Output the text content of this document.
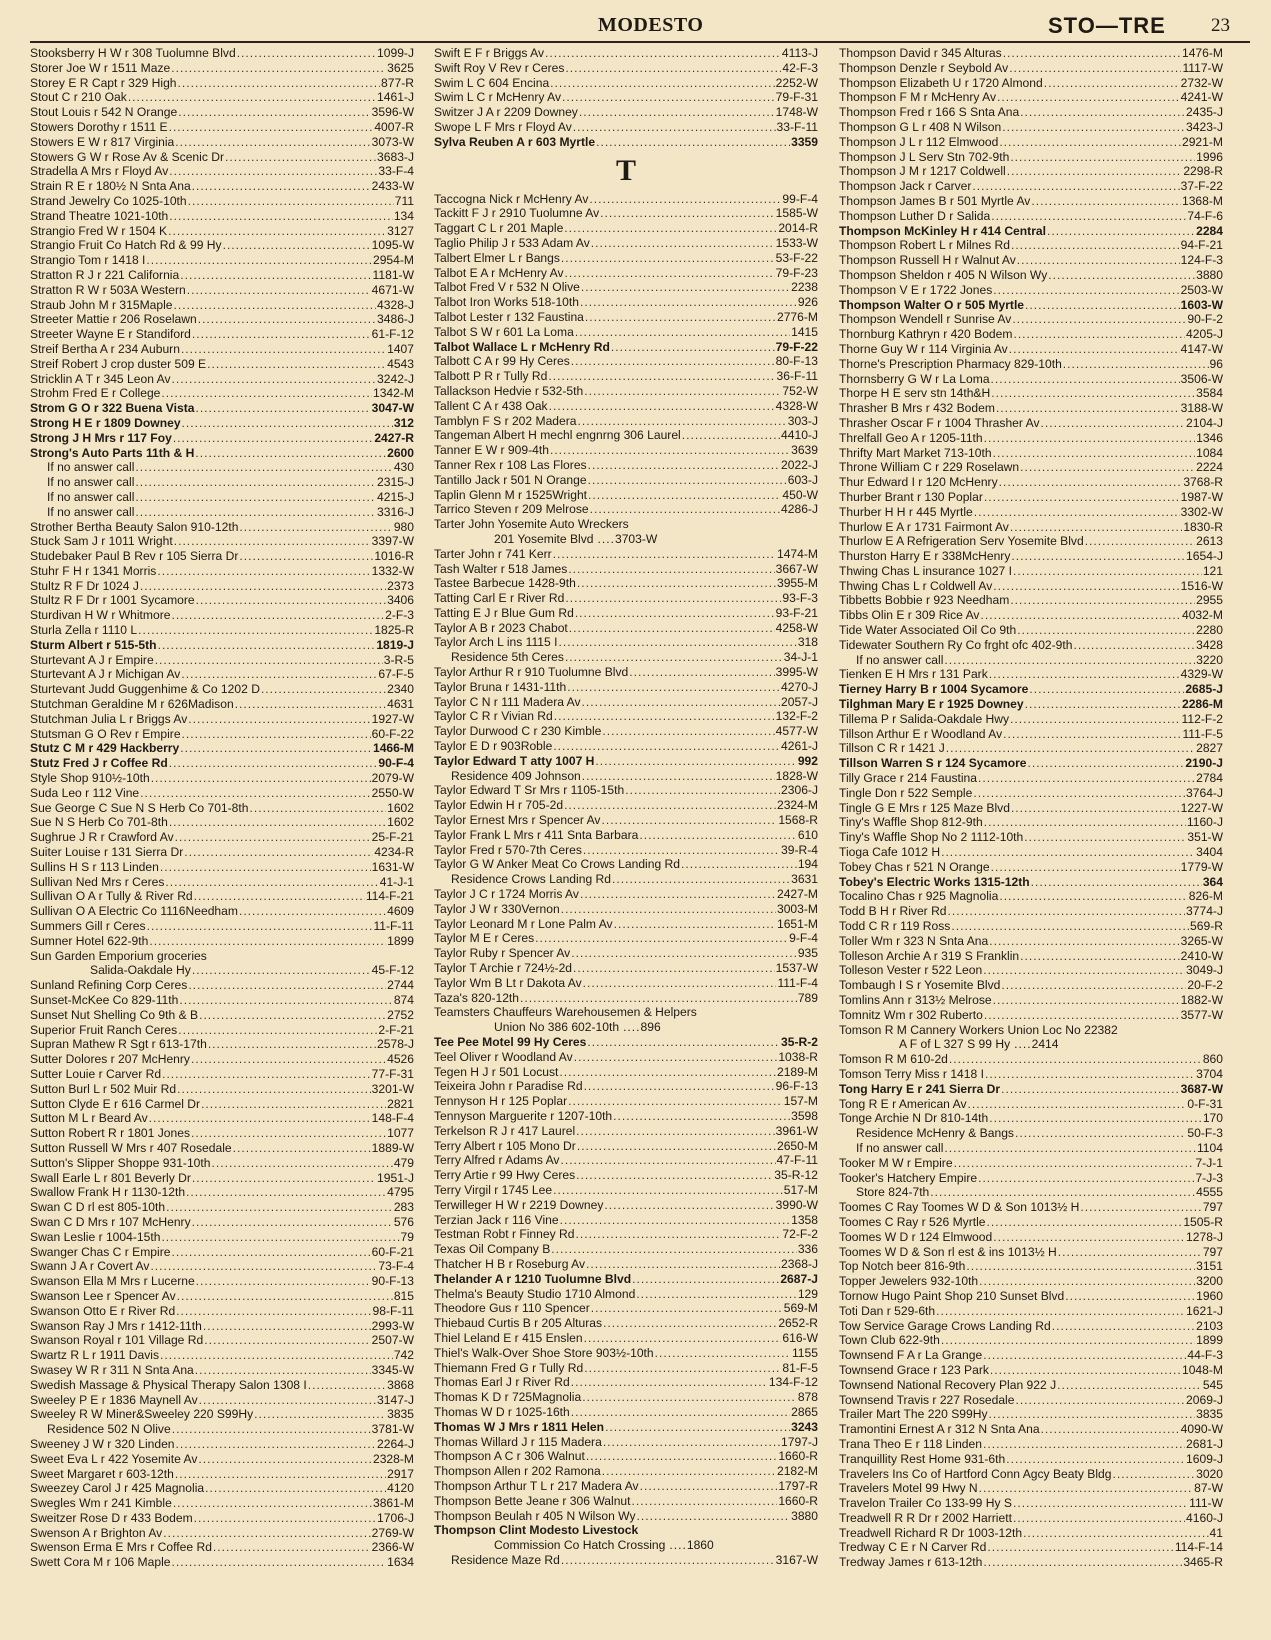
MODESTO	STO—TRE 23
Stooksberry H W r 308 Tuolumne Blvd .....	1099-J
Storer Joe W r 1511 Maze .....	3625
Storey E R Capt r 329 High .....	877-R
Stout C r 210 Oak .....	1461-J
Stout Louis r 542 N Orange .....	3596-W
Stowers Dorothy r 1511 E .....	4007-R
Stowers E W r 817 Virginia .....	3073-W
Stowers G W r Rose Av & Scenic Dr .....	3683-J
Stradella A Mrs r Floyd Av .....	33-F-4
Strain R E r 180½ N Snta Ana .....	2433-W
Strand Jewelry Co 1025-10th .....	711
Strand Theatre 1021-10th .....	134
Strangio Fred W r 1504 K .....	3127
Strangio Fruit Co Hatch Rd & 99 Hy .....	1095-W
Strangio Tom r 1418 I .....	2954-M
Stratton R J r 221 California .....	1181-W
Stratton R W r 503A Western .....	4671-W
Straub John M r 315Maple .....	4328-J
Streeter Mattie r 206 Roselawn .....	3486-J
Streeter Wayne E r Standiford .....	61-F-12
Streif Bertha A r 234 Auburn .....	1407
Streif Robert J crop duster 509 E .....	4543
Stricklin A T r 345 Leon Av .....	3242-J
Strohm Fred E r College .....	1342-M
Strom G O r 322 Buena Vista .....	3047-W
Strong H E r 1809 Downey .....	312
Strong J H Mrs r 117 Foy .....	2427-R
Strong's Auto Parts 11th & H .....	2600
If no answer call .....	430
If no answer call .....	2315-J
If no answer call .....	4215-J
If no answer call .....	3316-J
Strother Bertha Beauty Salon 910-12th .....	980
Stuck Sam J r 1011 Wright .....	3397-W
Studebaker Paul B Rev r 105 Sierra Dr .....	1016-R
Stuhr F H r 1341 Morris .....	1332-W
Stultz R F Dr 1024 J .....	2373
Stultz R F Dr r 1001 Sycamore .....	3406
Sturdivan H W r Whitmore .....	2-F-3
Sturla Zella r 1110 L .....	1825-R
Sturm Albert r 515-5th .....	1819-J
Sturtevant A J r Empire .....	3-R-5
Sturtevant A J r Michigan Av .....	67-F-5
Sturtevant Judd Guggenhime & Co 1202 D .....	2340
Stutchman Geraldine M r 626Madison .....	4631
Stutchman Julia L r Briggs Av .....	1927-W
Stutsman G O Rev r Empire .....	60-F-22
Stutz C M r 429 Hackberry .....	1466-M
Stutz Fred J r Coffee Rd .....	90-F-4
Style Shop 910½-10th .....	2079-W
Suda Leo r 112 Vine .....	2550-W
Sue George C Sue N S Herb Co 701-8th .....	1602
Sue N S Herb Co 701-8th .....	1602
Sughrue J R r Crawford Av .....	25-F-21
Suiter Louise r 131 Sierra Dr .....	4234-R
Sullins H S r 113 Linden .....	1631-W
Sullivan Ned Mrs r Ceres .....	41-J-1
Sullivan O A r Tully & River Rd .....	114-F-21
Sullivan O A Electric Co 1116Needham .....	4609
Summers Gill r Ceres .....	11-F-11
Sumner Hotel 622-9th .....	1899
Sun Garden Emporium groceries
Salida-Oakdale Hy .....	45-F-12
Sunland Refining Corp Ceres .....	2744
Sunset-McKee Co 829-11th .....	874
Sunset Nut Shelling Co 9th & B .....	2752
Superior Fruit Ranch Ceres .....	2-F-21
Supran Mathew R Sgt r 613-17th .....	2578-J
Sutter Dolores r 207 McHenry .....	4526
Sutter Louie r Carver Rd .....	77-F-31
Sutton Burl L r 502 Muir Rd .....	3201-W
Sutton Clyde E r 616 Carmel Dr .....	2821
Sutton M L r Beard Av .....	148-F-4
Sutton Robert R r 1801 Jones .....	1077
Sutton Russell W Mrs r 407 Rosedale .....	1889-W
Sutton's Slipper Shoppe 931-10th .....	479
Swall Earle L r 801 Beverly Dr .....	1951-J
Swallow Frank H r 1130-12th .....	4795
Swan C D rl est 805-10th .....	283
Swan C D Mrs r 107 McHenry .....	576
Swan Leslie r 1004-15th .....	79
Swanger Chas C r Empire .....	60-F-21
Swann J A r Covert Av .....	73-F-4
Swanson Ella M Mrs r Lucerne .....	90-F-13
Swanson Lee r Spencer Av .....	815
Swanson Otto E r River Rd .....	98-F-11
Swanson Ray J Mrs r 1412-11th .....	2993-W
Swanson Royal r 101 Village Rd .....	2507-W
Swartz R L r 1911 Davis .....	742
Swasey W R r 311 N Snta Ana .....	3345-W
Swedish Massage & Physical Therapy Salon 1308 I .....	3868
Sweeley P E r 1836 Maynell Av .....	3147-J
Sweeley R W Miner&Sweeley 220 S99Hy .....	3835
Residence 502 N Olive .....	3781-W
Sweeney J W r 320 Linden .....	2264-J
Sweet Eva L r 422 Yosemite Av .....	2328-M
Sweet Margaret r 603-12th .....	2917
Sweezey Carol J r 425 Magnolia .....	4120
Swegles Wm r 241 Kimble .....	3861-M
Sweitzer Rose D r 433 Bodem .....	1706-J
Swenson A r Brighton Av .....	2769-W
Swenson Erma E Mrs r Coffee Rd .....	2366-W
Swett Cora M r 106 Maple .....	1634
Swift E F r Briggs Av .....	4113-J
Swift Roy V Rev r Ceres .....	42-F-3
Swim L C 604 Encina .....	2252-W
Swim L C r McHenry Av .....	79-F-31
Switzer J A r 2209 Downey .....	1748-W
Swope L F Mrs r Floyd Av .....	33-F-11
Sylva Reuben A r 603 Myrtle .....	3359
T
Taccogna Nick r McHenry Av .....	99-F-4
Tackitt F J r 2910 Tuolumne Av .....	1585-W
Taggart C L r 201 Maple .....	2014-R
Taglio Philip J r 533 Adam Av .....	1533-W
Talbert Elmer L r Bangs .....	53-F-22
Talbot E A r McHenry Av .....	79-F-23
Talbot Fred V r 532 N Olive .....	2238
Talbot Iron Works 518-10th .....	926
Talbot Lester r 132 Faustina .....	2776-M
Talbot S W r 601 La Loma .....	1415
Talbot Wallace L r McHenry Rd .....	79-F-22
Talbott C A r 99 Hy Ceres .....	80-F-13
Talbott P R r Tully Rd .....	36-F-11
Tallackson Hedvie r 532-5th .....	752-W
Tallent C A r 438 Oak .....	4328-W
Tamblyn F S r 202 Madera .....	303-J
Tangeman Albert H mechl engnrng 306 Laurel .....	4410-J
Tanner E W r 909-4th .....	3639
Tanner Rex r 108 Las Flores .....	2022-J
Tantillo Jack r 501 N Orange .....	603-J
Taplin Glenn M r 1525Wright .....	450-W
Tarrico Steven r 209 Melrose .....	4286-J
Tarter John Yosemite Auto Wreckers
201 Yosemite Blvd .... 3703-W
Tarter John r 741 Kerr .....	1474-M
Tash Walter r 518 James .....	3667-W
Tastee Barbecue 1428-9th .....	3955-M
Tatting Carl E r River Rd .....	93-F-3
Tatting E J r Blue Gum Rd .....	93-F-21
Taylor A B r 2023 Chabot .....	4258-W
Taylor Arch L ins 1115 I .....	318
Residence 5th Ceres .....	34-J-1
Taylor Arthur R r 910 Tuolumne Blvd .....	3995-W
Taylor Bruna r 1431-11th .....	4270-J
Taylor C N r 111 Madera Av .....	2057-J
Taylor C R r Vivian Rd .....	132-F-2
Taylor Durwood C r 230 Kimble .....	4577-W
Taylor E D r 903Roble .....	4261-J
Taylor Edward T atty 1007 H .....	992
Residence 409 Johnson .....	1828-W
Taylor Edward T Sr Mrs r 1105-15th .....	2306-J
Taylor Edwin H r 705-2d .....	2324-M
Taylor Ernest Mrs r Spencer Av .....	1568-R
Taylor Frank L Mrs r 411 Snta Barbara .....	610
Taylor Fred r 570-7th Ceres .....	39-R-4
Taylor G W Anker Meat Co Crows Landing Rd .....	194
Residence Crows Landing Rd .....	3631
Taylor J C r 1724 Morris Av .....	2427-M
Taylor J W r 330Vernon .....	3003-M
Taylor Leonard M r Lone Palm Av .....	1651-M
Taylor M E r Ceres .....	9-F-4
Taylor Ruby r Spencer Av .....	935
Taylor T Archie r 724½-2d .....	1537-W
Taylor Wm B Lt r Dakota Av .....	111-F-4
Taza's 820-12th .....	789
Teamsters Chauffeurs Warehousemen & Helpers
Union No 386 602-10th .... 896
Tee Pee Motel 99 Hy Ceres .....	35-R-2
Teel Oliver r Woodland Av .....	1038-R
Tegen H J r 501 Locust .....	2189-M
Teixeira John r Paradise Rd .....	96-F-13
Tennyson H r 125 Poplar .....	157-M
Tennyson Marguerite r 1207-10th .....	3598
Terkelson R J r 417 Laurel .....	3961-W
Terry Albert r 105 Mono Dr .....	2650-M
Terry Alfred r Adams Av .....	47-F-11
Terry Artie r 99 Hwy Ceres .....	35-R-12
Terry Virgil r 1745 Lee .....	517-M
Terwilleger H W r 2219 Downey .....	3990-W
Terzian Jack r 116 Vine .....	1358
Testman Robt r Finney Rd .....	72-F-2
Texas Oil Company B .....	336
Thatcher H B r Roseburg Av .....	2368-J
Thelander A r 1210 Tuolumne Blvd .....	2687-J
Thelma's Beauty Studio 1710 Almond .....	129
Theodore Gus r 110 Spencer .....	569-M
Thiebaud Curtis B r 205 Alturas .....	2652-R
Thiel Leland E r 415 Enslen .....	616-W
Thiel's Walk-Over Shoe Store 903½-10th .....	1155
Thiemann Fred G r Tully Rd .....	81-F-5
Thomas Earl J r River Rd .....	134-F-12
Thomas K D r 725Magnolia .....	878
Thomas W D r 1025-16th .....	2865
Thomas W J Mrs r 1811 Helen .....	3243
Thomas Willard J r 115 Madera .....	1797-J
Thompson A C r 306 Walnut .....	1660-R
Thompson Allen r 202 Ramona .....	2182-M
Thompson Arthur T L r 217 Madera Av .....	1797-R
Thompson Bette Jeane r 306 Walnut .....	1660-R
Thompson Beulah r 405 N Wilson Wy .....	3880
Thompson Clint Modesto Livestock
Commission Co Hatch Crossing .... 1860
Residence Maze Rd .....	3167-W
Thompson David r 345 Alturas .....	1476-M
Thompson Denzle r Seybold Av .....	1117-W
Thompson Elizabeth U r 1720 Almond .....	2732-W
Thompson F M r McHenry Av .....	4241-W
Thompson Fred r 166 S Snta Ana .....	2435-J
Thompson G L r 408 N Wilson .....	3423-J
Thompson J L r 112 Elmwood .....	2921-M
Thompson J L Serv Stn 702-9th .....	1996
Thompson J M r 1217 Coldwell .....	2298-R
Thompson Jack r Carver .....	37-F-22
Thompson James B r 501 Myrtle Av .....	1368-M
Thompson Luther D r Salida .....	74-F-6
Thompson McKinley H r 414 Central .....	2284
Thompson Robert L r Milnes Rd .....	94-F-21
Thompson Russell H r Walnut Av .....	124-F-3
Thompson Sheldon r 405 N Wilson Wy .....	3880
Thompson V E r 1722 Jones .....	2503-W
Thompson Walter O r 505 Myrtle .....	1603-W
Thompson Wendell r Sunrise Av .....	90-F-2
Thornburg Kathryn r 420 Bodem .....	4205-J
Thorne Guy W r 114 Virginia Av .....	4147-W
Thorne's Prescription Pharmacy 829-10th .....	96
Thornsberry G W r La Loma .....	3506-W
Thorpe H E serv stn 14th&H .....	3584
Thrasher B Mrs r 432 Bodem .....	3188-W
Thrasher Oscar F r 1004 Thrasher Av .....	2104-J
Threlfall Geo A r 1205-11th .....	1346
Thrifty Mart Market 713-10th .....	1084
Throne William C r 229 Roselawn .....	2224
Thur Edward I r 120 McHenry .....	3768-R
Thurber Brant r 130 Poplar .....	1987-W
Thurber H H r 445 Myrtle .....	3302-W
Thurlow E A r 1731 Fairmont Av .....	1830-R
Thurlow E A Refrigeration Serv Yosemite Blvd .....	2613
Thurston Harry E r 338McHenry .....	1654-J
Thwing Chas L insurance 1027 I .....	121
Thwing Chas L r Coldwell Av .....	1516-W
Tibbetts Bobbie r 923 Needham .....	2955
Tibbs Olin E r 309 Rice Av .....	4032-M
Tide Water Associated Oil Co 9th .....	2280
Tidewater Southern Ry Co frght ofc 402-9th .....	3428
If no answer call .....	3220
Tienken E H Mrs r 131 Park .....	4329-W
Tierney Harry B r 1004 Sycamore .....	2685-J
Tilghman Mary E r 1925 Downey .....	2286-M
Tillema P r Salida-Oakdale Hwy .....	112-F-2
Tillson Arthur E r Woodland Av .....	111-F-5
Tillson C R r 1421 J .....	2827
Tillson Warren S r 124 Sycamore .....	2190-J
Tilly Grace r 214 Faustina .....	2784
Tingle Don r 522 Semple .....	3764-J
Tingle G E Mrs r 125 Maze Blvd .....	1227-W
Tiny's Waffle Shop 812-9th .....	1160-J
Tiny's Waffle Shop No 2 1112-10th .....	351-W
Tioga Cafe 1012 H .....	3404
Tobey Chas r 521 N Orange .....	1779-W
Tobey's Electric Works 1315-12th .....	364
Tocalino Chas r 925 Magnolia .....	826-M
Todd B H r River Rd .....	3774-J
Todd C R r 119 Ross .....	569-R
Toller Wm r 323 N Snta Ana .....	3265-W
Tolleson Archie A r 319 S Franklin .....	2410-W
Tolleson Vester r 522 Leon .....	3049-J
Tombaugh I S r Yosemite Blvd .....	20-F-2
Tomlins Ann r 313½ Melrose .....	1882-W
Tomnitz Wm r 302 Ruberto .....	3577-W
Tomson R M Cannery Workers Union Loc No 22382
A F of L 327 S 99 Hy .... 2414
Tomson R M 610-2d .....	860
Tomson Terry Miss r 1418 I .....	3704
Tong Harry E r 241 Sierra Dr .....	3687-W
Tong R E r American Av .....	0-F-31
Tonge Archie N Dr 810-14th .....	170
Residence McHenry & Bangs .....	50-F-3
If no answer call .....	1104
Tooker M W r Empire .....	7-J-1
Tooker's Hatchery Empire .....	7-J-3
Store 824-7th .....	4555
Toomes C Ray Toomes W D & Son 1013½ H .....	797
Toomes C Ray r 526 Myrtle .....	1505-R
Toomes W D r 124 Elmwood .....	1278-J
Toomes W D & Son rl est & ins 1013½ H .....	797
Top Notch beer 816-9th .....	3151
Topper Jewelers 932-10th .....	3200
Tornow Hugo Paint Shop 210 Sunset Blvd .....	1960
Toti Dan r 529-6th .....	1621-J
Tow Service Garage Crows Landing Rd .....	2103
Town Club 622-9th .....	1899
Townsend F A r La Grange .....	44-F-3
Townsend Grace r 123 Park .....	1048-M
Townsend National Recovery Plan 922 J .....	545
Townsend Travis r 227 Rosedale .....	2069-J
Trailer Mart The 220 S99Hy .....	3835
Tramontini Ernest A r 312 N Snta Ana .....	4090-W
Trana Theo E r 118 Linden .....	2681-J
Tranquillity Rest Home 931-6th .....	1609-J
Travelers Ins Co of Hartford Conn Agcy Beaty Bldg .....	3020
Travelers Motel 99 Hwy N .....	87-W
Travelon Trailer Co 133-99 Hy S .....	111-W
Treadwell R R Dr r 2002 Harriett .....	4160-J
Treadwell Richard R Dr 1003-12th .....	41
Tredway C E r N Carver Rd .....	114-F-14
Tredway James r 613-12th .....	3465-R
